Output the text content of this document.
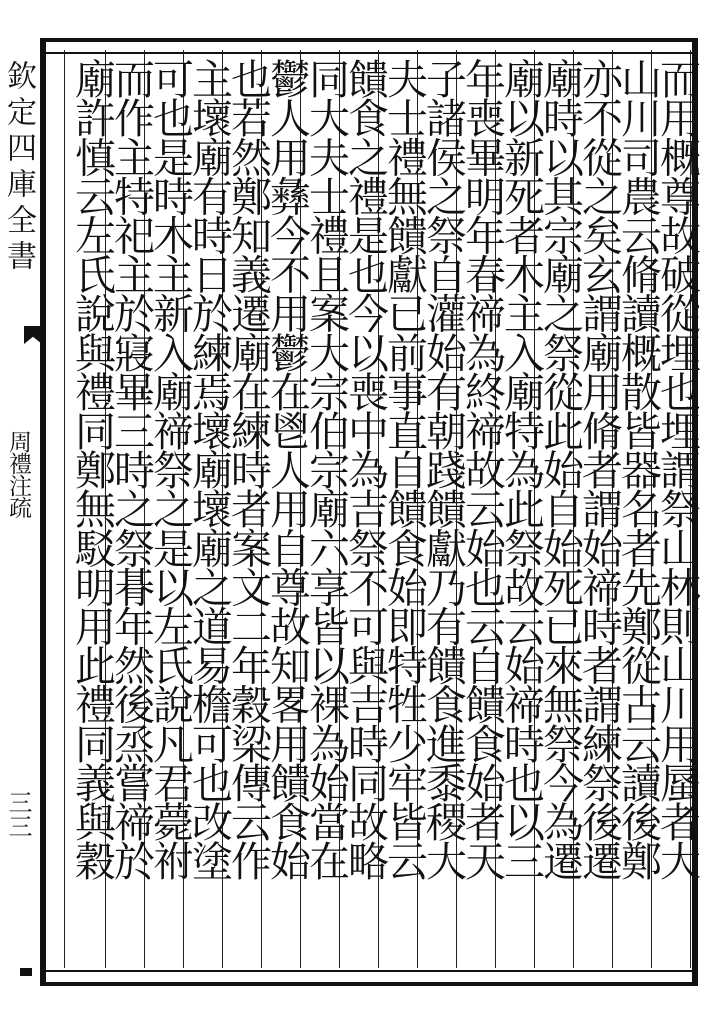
欽定四庫全書
周禮注疏
三三	而用概尊故破從埋也埋謂祭山林則山川用蜃者大
山川司農云脩讀概散皆器名者先鄭從古云讀後鄭
亦不從之矣玄謂廟用脩者謂始禘時者謂練祭後遷
廟時以其宗廟之祭從此始自始死已來無祭今為遷
廟以新死者木主入廟特為此祭故云始禘時也以三
年喪畢明年春禘為終禘故云始也云自饋食始者天
子諸侯之祭自灌始有朝踐饋獻乃有饋食進黍稷大
夫士禮無饋獻已前事直自饋食始即特牲少牢皆云
饋食之禮是也今以喪中為吉祭不可與吉時同故略
同大夫士禮且案大宗伯宗廟六享皆以裸為始當在
鬱人用彝今不用鬱在鬯人用自尊故知畧用饋食始
也若然鄭知義遷廟在練時者案文二年穀梁傳云作
主壞廟有時日於練焉壞廟壞廟之道易檐可也改塗
可也是時木主新入廟禘祭之是以左氏說凡君薨祔
而作主特祀主於寢畢三時之祭朞年然後烝嘗禘於
廟許慎云左氏說與禮同鄭無駁明用此禮同義與穀
